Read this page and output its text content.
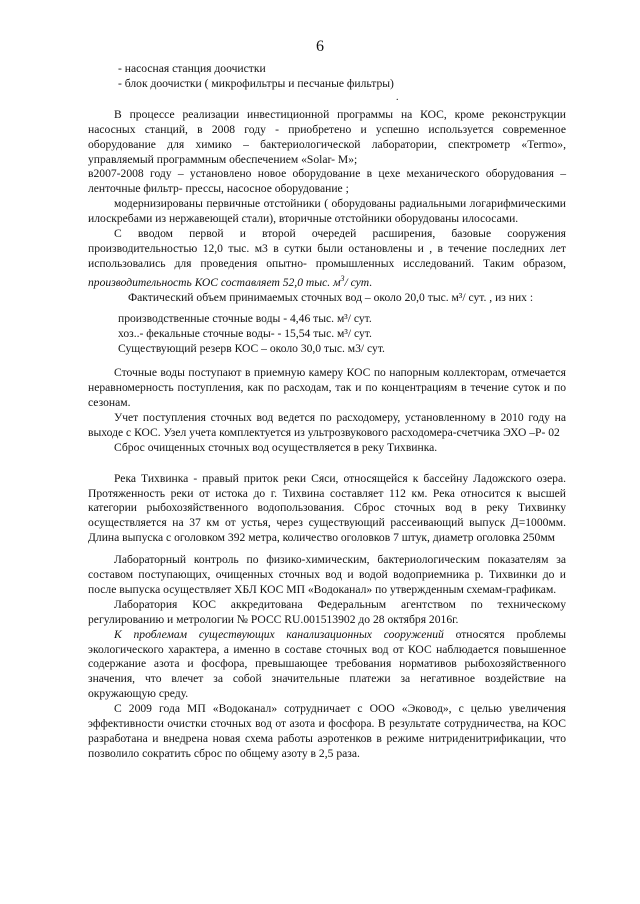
6
.

- насосная станция доочистки

- блок доочистки ( микрофильтры и песчаные фильтры)

В процессе реализации инвестиционной программы на КОС, кроме реконструкции насосных станций, в 2008 году - приобретено и успешно используется современное оборудование для химико – бактериологической лаборатории, спектрометр «Termo», управляемый программным обеспечением «Solar- M»;

в2007-2008 году – установлено новое оборудование в цехе механического оборудования – ленточные фильтр- прессы, насосное оборудование ;

модернизированы первичные отстойники ( оборудованы радиальными логарифмическими илоскребами из нержавеющей стали), вторичные отстойники оборудованы илососами.

С вводом первой и второй очередей расширения, базовые сооружения производительностью 12,0 тыс. м3 в сутки были остановлены и , в течение последних лет использовались для проведения опытно- промышленных исследований. Таким образом, производительность КОС составляет 52,0 тыс. $м^3/$ сут.

Фактический объем принимаемых сточных вод – около 20,0 тыс. м³/ сут. , из них :

производственные сточные воды - 4,46 тыс. м³/ сут.

хоз..- фекальные сточные воды- - 15,54 тыс. м³/ сут.

Существующий резерв КОС – около 30,0 тыс. м3/ сут.

Сточные воды поступают в приемную камеру КОС по напорным коллекторам, отмечается неравномерность поступления, как по расходам, так и по концентрациям в течение суток и по сезонам.

Учет поступления сточных вод ведется по расходомеру, установленному в 2010 году на выходе с КОС. Узел учета комплектуется из ультрозвукового расходомера-счетчика ЭХО –Р- 02

Сброс очищенных сточных вод осуществляется в реку Тихвинка.

Река Тихвинка - правый приток реки Сяси, относящейся к бассейну Ладожского озера. Протяженность реки от истока до г. Тихвина составляет 112 км. Река относится к высшей категории рыбохозяйственного водопользования. Сброс сточных вод в реку Тихвинку осуществляется на 37 км от устья, через существующий рассеивающий выпуск Д=1000мм. Длина выпуска с оголовком 392 метра, количество оголовков 7 штук, диаметр оголовка 250мм

Лабораторный контроль по физико-химическим, бактериологическим показателям за составом поступающих, очищенных сточных вод и водой водоприемника р. Тихвинки до и после выпуска осуществляет ХБЛ КОС МП «Водоканал» по утвержденным схемам-графикам.

Лаборатория КОС аккредитована Федеральным агентством по техническому регулированию и метрологии № РОСС RU.001513902 до 28 октября 2016г.

К проблемам существующих канализационных сооружений относятся проблемы экологического характера, а именно в составе сточных вод от КОС наблюдается повышенное содержание азота и фосфора, превышающее требования нормативов рыбохозяйственного значения, что влечет за собой значительные платежи за негативное воздействие на окружающую среду.

С 2009 года МП «Водоканал» сотрудничает с ООО «Эковод», с целью увеличения эффективности очистки сточных вод от азота и фосфора. В результате сотрудничества, на КОС разработана и внедрена новая схема работы аэротенков в режиме нитриденитрификации, что позволило сократить сброс по общему азоту в 2,5 раза.
